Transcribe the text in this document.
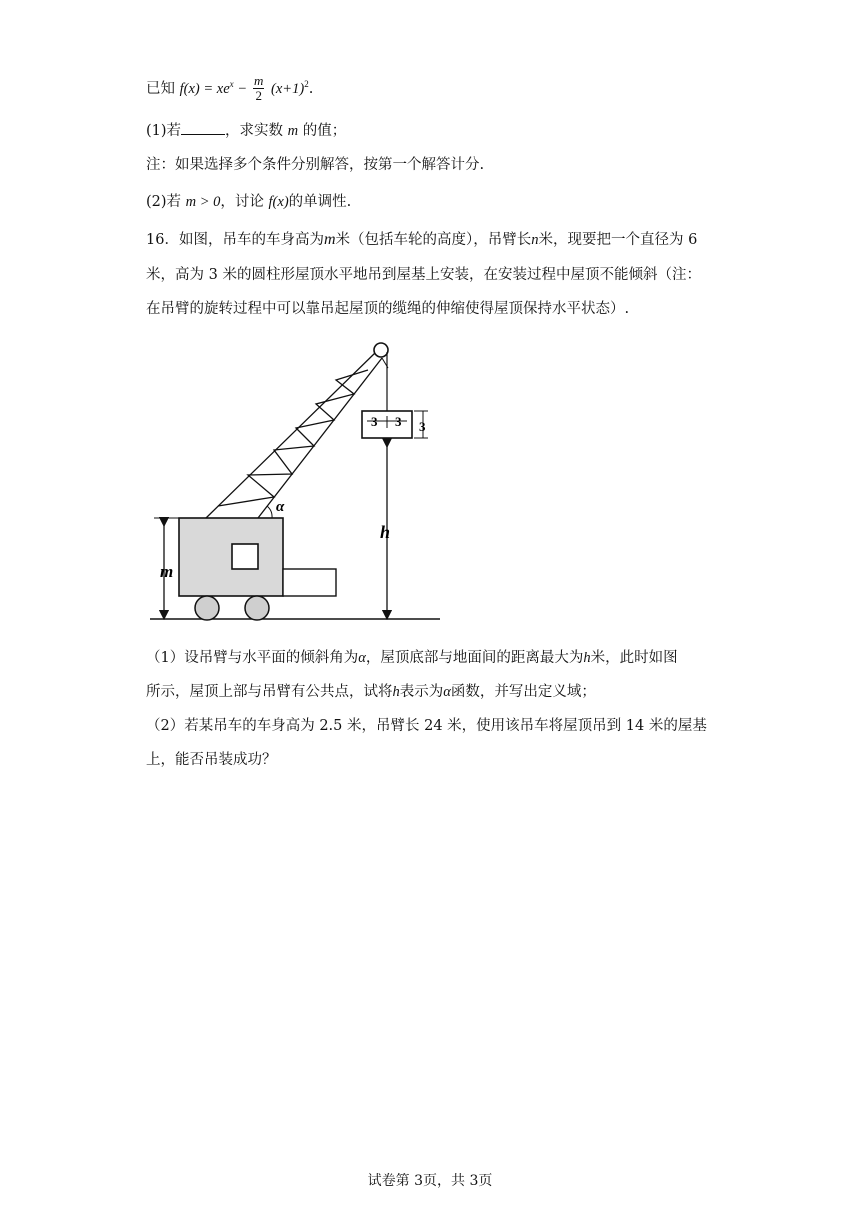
已知 $f(x) = xe^x - \frac{m}{2} (x+1)^2$.
(1)若	，求实数 m 的值；
注：如果选择多个条件分别解答，按第一个解答计分.
(2)若 m > 0，讨论 f(x)的单调性.
16．如图，吊车的车身高为m米（包括车轮的高度），吊臂长n米，现要把一个直径为 6
米，高为 3 米的圆柱形屋顶水平地吊到屋基上安装，在安装过程中屋顶不能倾斜（注：
在吊臂的旋转过程中可以靠吊起屋顶的缆绳的伸缩使得屋顶保持水平状态）.
3 3 3
h
α
m
（1）设吊臂与水平面的倾斜角为α，屋顶底部与地面间的距离最大为h米，此时如图
所示，屋顶上部与吊臂有公共点，试将h表示为α函数，并写出定义域；
（2）若某吊车的车身高为 2.5 米，吊臂长 24 米，使用该吊车将屋顶吊到 14 米的屋基
上，能否吊装成功？
试卷第 3页，共 3页
